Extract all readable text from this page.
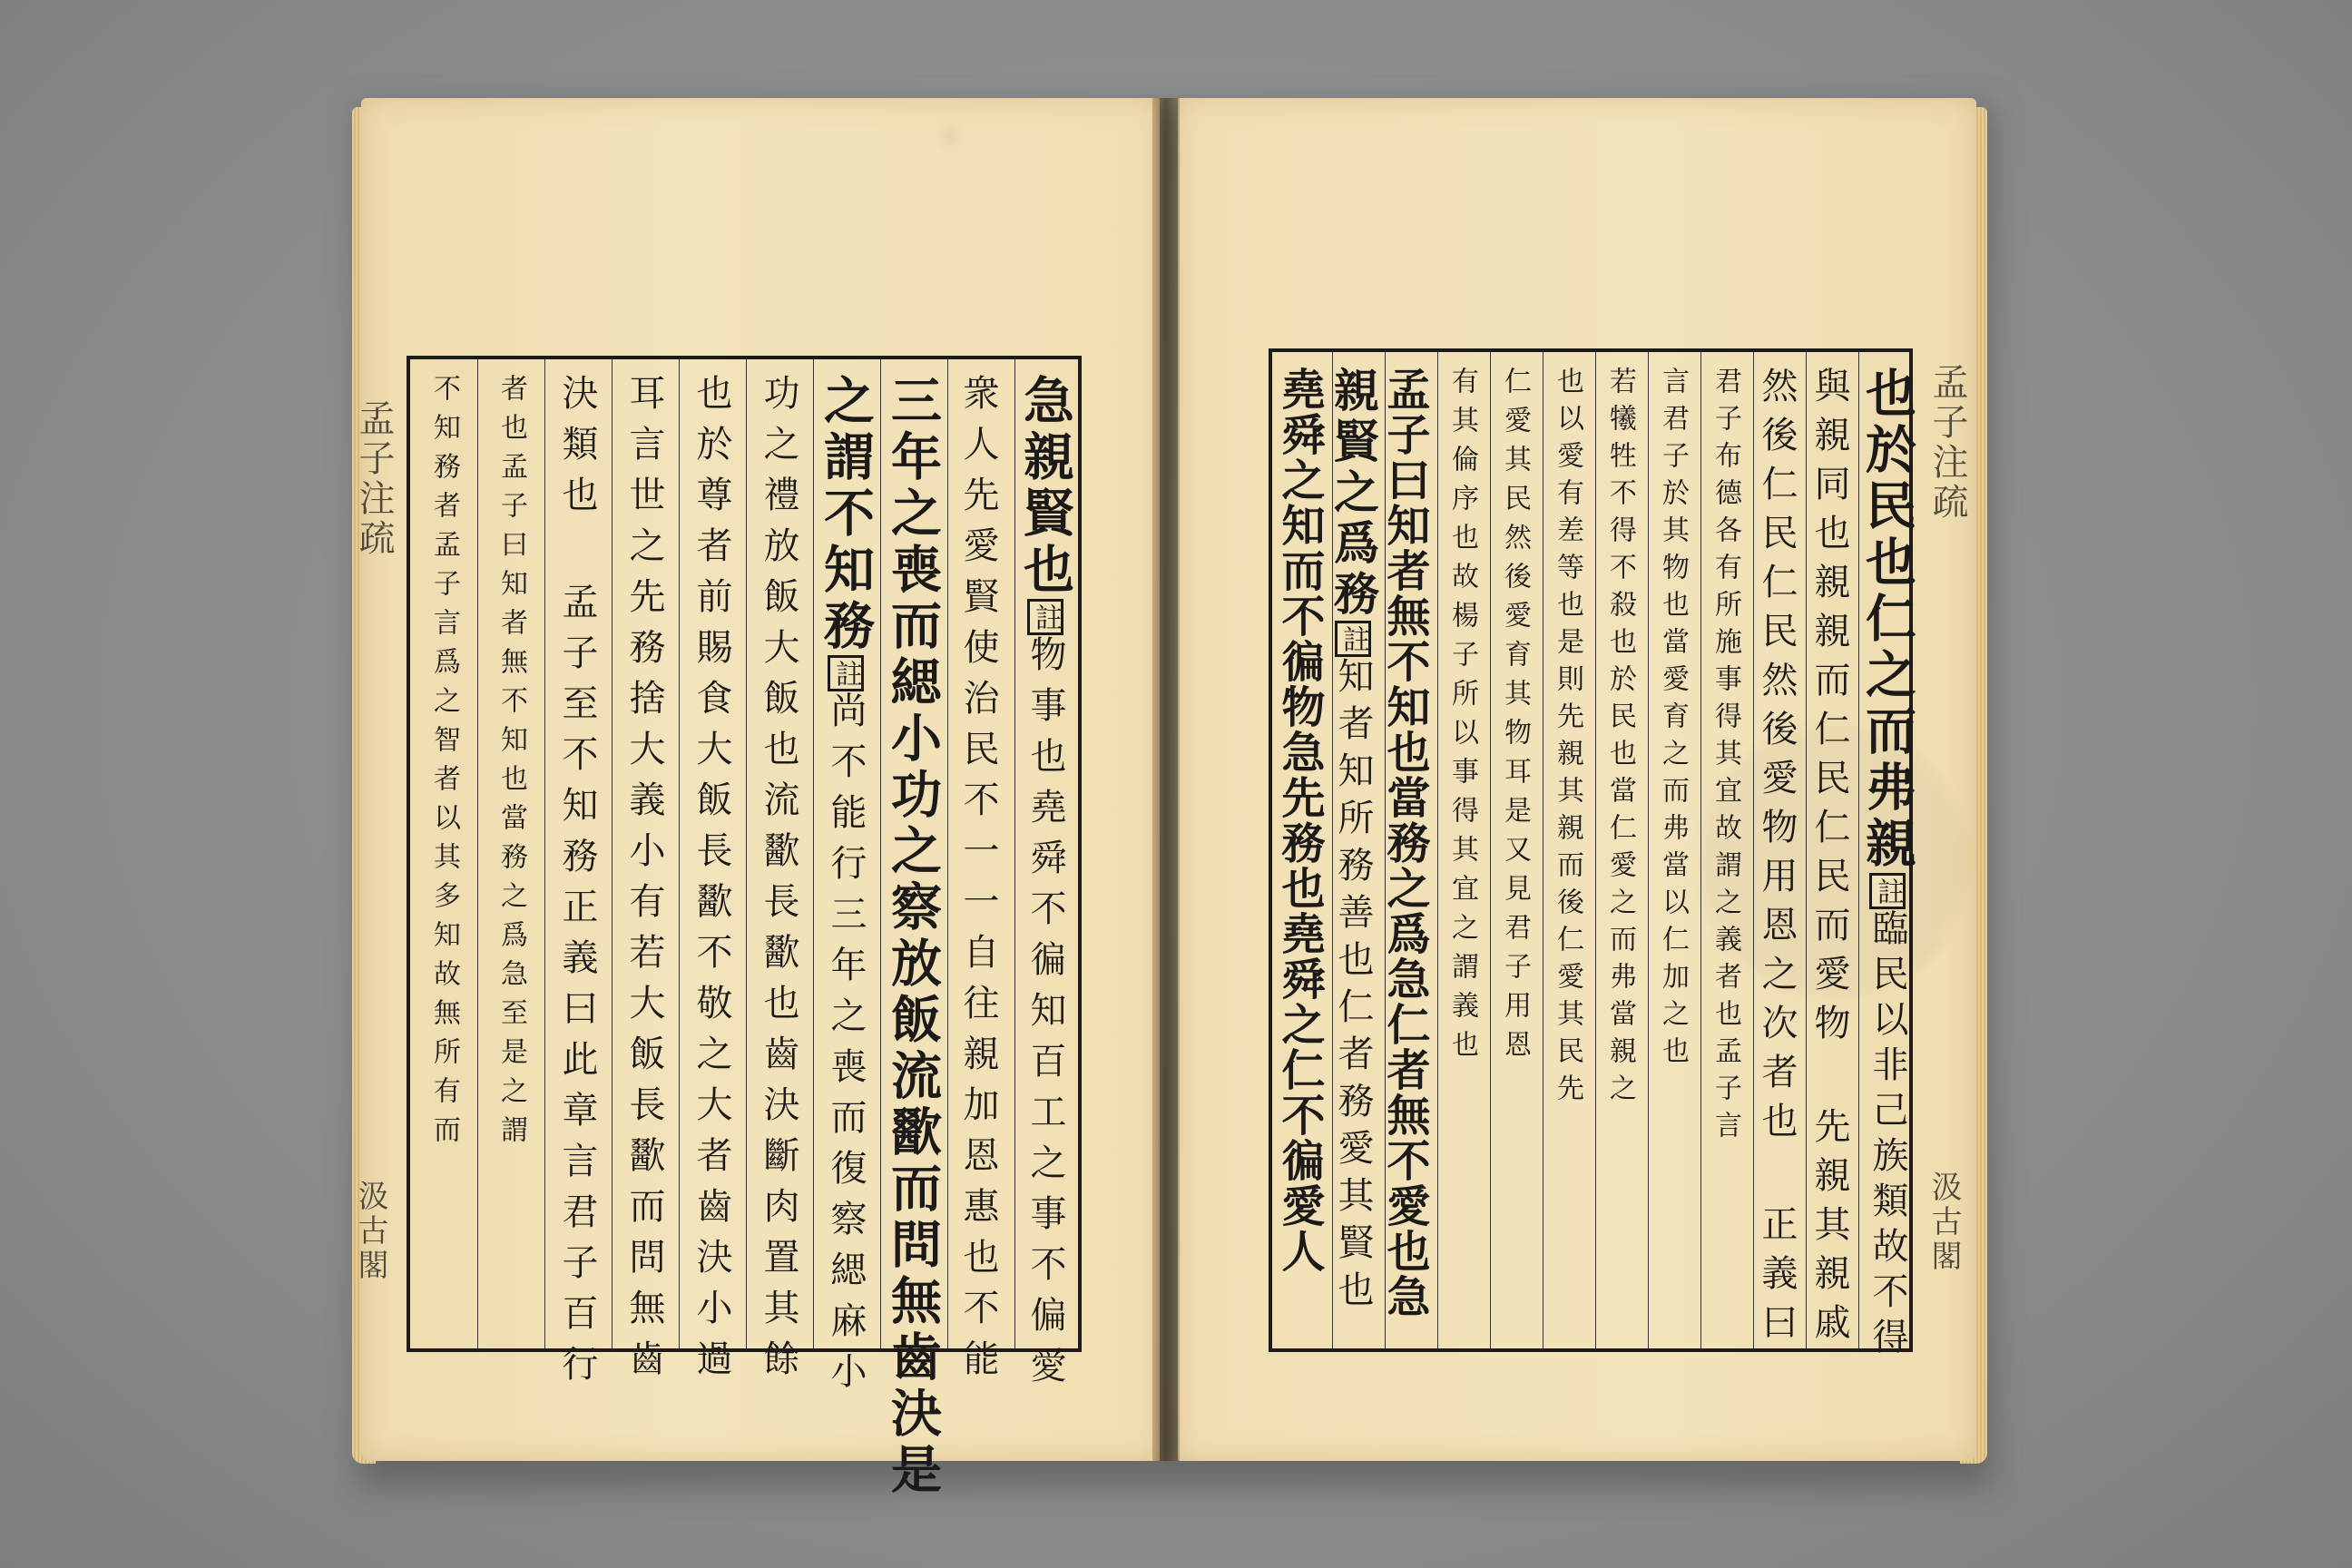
孟子注疏
汲古閣
急親賢也註物事也堯舜不徧知百工之事不偏愛
衆人先愛賢使治民不一一自往親加恩惠也不能
三年之喪而緦小功之察放飯流歠而問無齒決是
之謂不知務註尚不能行三年之喪而復察緦麻小
功之禮放飯大飯也流歠長歠也齒決斷肉置其餘
也於尊者前賜食大飯長歠不敬之大者齒決小過
耳言世之先務捨大義小有若大飯長歠而問無齒
決類也 孟子至不知務正義曰此章言君子百行
者也孟子曰知者無不知也當務之爲急至是之謂
不知務者孟子言爲之智者以其多知故無所有而	孟子注疏
汲古閣
也於民也仁之而弗親註臨民以非己族類故不得
與親同也親親而仁民仁民而愛物 先親其親戚
然後仁民仁民然後愛物用恩之次者也 正義曰
君子布德各有所施事得其宜故謂之義者也孟子言
言君子於其物也當愛育之而弗當以仁加之也
若犧牲不得不殺也於民也當仁愛之而弗當親之
也以愛有差等也是則先親其親而後仁愛其民先
仁愛其民然後愛育其物耳是又見君子用恩
有其倫序也故楊子所以事得其宜之謂義也
孟子曰知者無不知也當務之爲急仁者無不愛也急
親賢之爲務註知者知所務善也仁者務愛其賢也
堯舜之知而不徧物急先務也堯舜之仁不徧愛人
